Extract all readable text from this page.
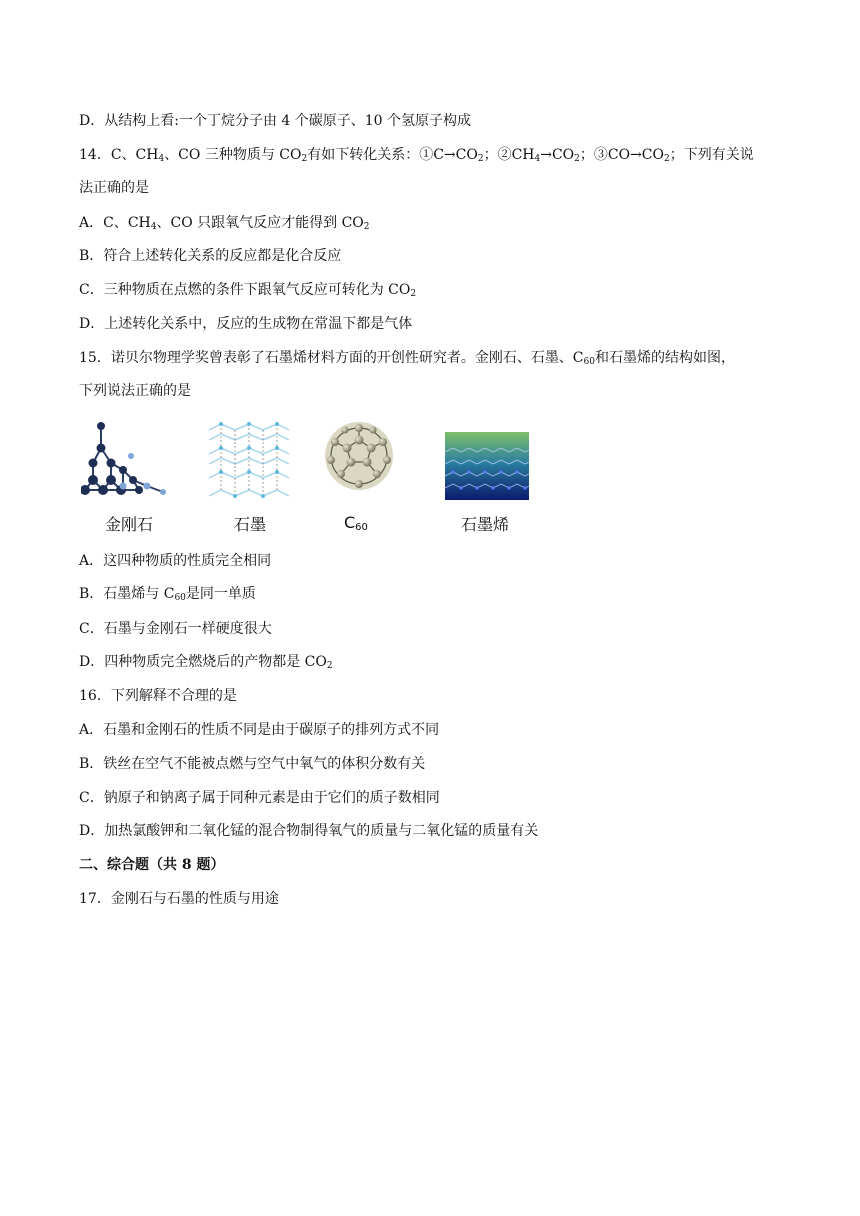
D．从结构上看:一个丁烷分子由 4 个碳原子、10 个氢原子构成
14．C、$CH_4$、CO 三种物质与 $CO_2$有如下转化关系：$①C\to CO_2$；$②CH_4\to CO_2$；$③CO\to CO_2$；下列有关说
法正确的是
A．C、$CH_4$、CO 只跟氧气反应才能得到 $CO_2$
B．符合上述转化关系的反应都是化合反应
C．三种物质在点燃的条件下跟氧气反应可转化为 $CO_2$
D．上述转化关系中，反应的生成物在常温下都是气体
15．诺贝尔物理学奖曾表彰了石墨烯材料方面的开创性研究者。金刚石、石墨、$C_{60}$和石墨烯的结构如图，
下列说法正确的是
金刚石	石墨	$C_{60}$	石墨烯
A．这四种物质的性质完全相同
B．石墨烯与 $C_{60}$是同一单质
C．石墨与金刚石一样硬度很大
D．四种物质完全燃烧后的产物都是 $CO_2$
16．下列解释不合理的是
A．石墨和金刚石的性质不同是由于碳原子的排列方式不同
B．铁丝在空气不能被点燃与空气中氧气的体积分数有关
C．钠原子和钠离子属于同种元素是由于它们的质子数相同
D．加热氯酸钾和二氧化锰的混合物制得氧气的质量与二氧化锰的质量有关
二、综合题（共 8 题）
17．金刚石与石墨的性质与用途
